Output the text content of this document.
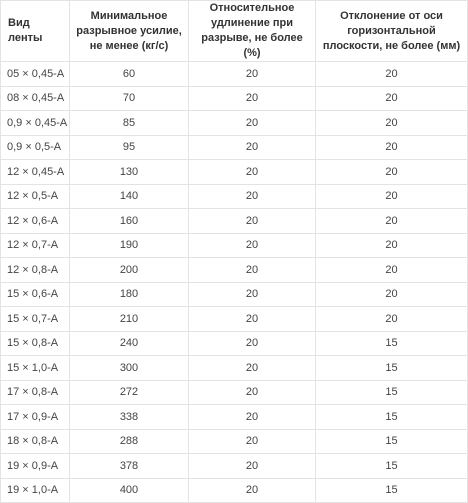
Вид ленты	Минимальное разрывное усилие, не менее (кг/с)	Относительное удлинение при разрыве, не более (%)	Отклонение от оси горизонтальной плоскости, не более (мм)
05 × 0,45-А	60	20	20
08 × 0,45-А	70	20	20
0,9 × 0,45-А	85	20	20
0,9 × 0,5-А	95	20	20
12 × 0,45-А	130	20	20
12 × 0,5-А	140	20	20
12 × 0,6-А	160	20	20
12 × 0,7-А	190	20	20
12 × 0,8-А	200	20	20
15 × 0,6-А	180	20	20
15 × 0,7-А	210	20	20
15 × 0,8-А	240	20	15
15 × 1,0-А	300	20	15
17 × 0,8-А	272	20	15
17 × 0,9-А	338	20	15
18 × 0,8-А	288	20	15
19 × 0,9-А	378	20	15
19 × 1,0-А	400	20	15
